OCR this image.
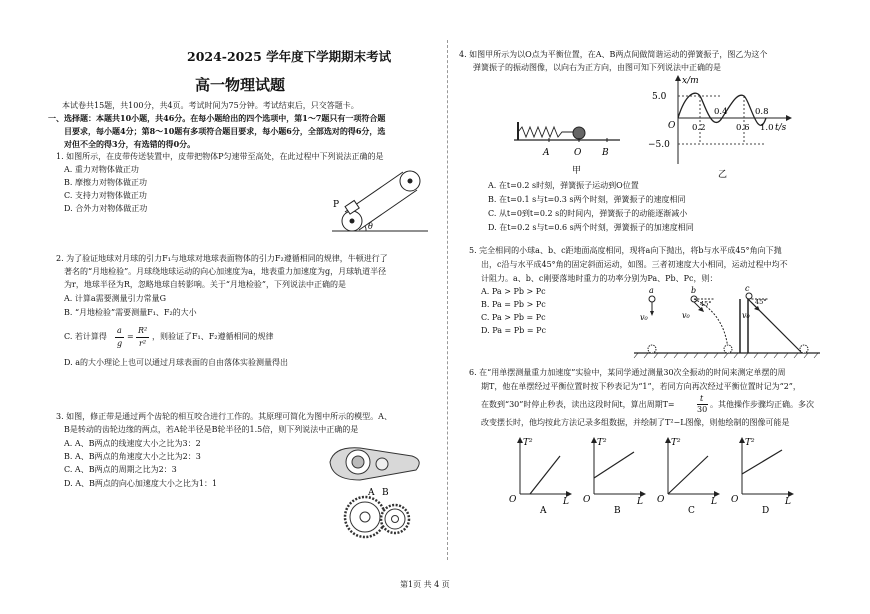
2024-2025 学年度下学期期末考试
高一物理试题
本试卷共15题，共100分，共4页。考试时间为75分钟。考试结束后，只交答题卡。
一、选择题：本题共10小题，共46分。在每小题给出的四个选项中，第1～7题只有一项符合题
目要求，每小题4分；第8～10题有多项符合题目要求，每小题6分，全部选对的得6分，选
对但不全的得3分，有选错的得0分。
1. 如图所示，在皮带传送装置中，皮带把物体P匀速带至高处，在此过程中下列说法正确的是
A. 重力对物体做正功
B. 摩擦力对物体做正功
C. 支持力对物体做正功
D. 合外力对物体做正功	P
θ
2. 为了验证地球对月球的引力F₁与地球对地球表面物体的引力F₂遵循相同的规律，牛顿进行了
著名的“月地检验”。月球绕地球运动的向心加速度为a，地表重力加速度为g，月球轨道半径
为r，地球半径为R，忽略地球自转影响。关于“月地检验”，下列说法中正确的是
A. 计算a需要测量引力常量G
B. “月地检验”需要测量F₁、F₂的大小
C. 若计算得
a
g
=
R²
r²
，则验证了F₁、F₂遵循相同的规律
D. a的大小理论上也可以通过月球表面的自由落体实验测量得出
3. 如图，修正带是通过两个齿轮的相互咬合进行工作的。其原理可简化为图中所示的模型。A、
B是转动的齿轮边缘的两点，若A轮半径是B轮半径的1.5倍，则下列说法中正确的是
A. A、B两点的线速度大小之比为3：2
B. A、B两点的角速度大小之比为2：3
C. A、B两点的周期之比为2：3
D. A、B两点的向心加速度大小之比为1：1
A B
4. 如图甲所示为以O点为平衡位置，在A、B两点间做简谐运动的弹簧振子，图乙为这个
弹簧振子的振动图像，以向右为正方向，由图可知下列说法中正确的是
A	O B
甲
x/m
t/s
5.0
−5.0
O 0.2
0.4
0.6
0.8
1.0
乙
A. 在t=0.2 s时刻，弹簧振子运动到O位置
B. 在t=0.1 s与t=0.3 s两个时刻，弹簧振子的速度相同
C. 从t=0到t=0.2 s的时间内，弹簧振子的动能逐渐减小
D. 在t=0.2 s与t=0.6 s两个时刻，弹簧振子的加速度相同
5. 完全相同的小球a、b、c距地面高度相同，现将a向下抛出，将b与水平成45°角向下抛
出，c沿与水平成45°角的固定斜面运动，如图。三者初速度大小相同，运动过程中均不
计阻力。a、b、c刚要落地时重力的功率分别为Pa、Pb、Pc，则：
A. Pa > Pb > Pc
B. Pa = Pb > Pc
C. Pa > Pb = Pc
D. Pa = Pb = Pc
a
v₀
b
45°
v₀
c
45°
v₀
6. 在“用单摆测量重力加速度”实验中，某同学通过测量30次全振动的时间来测定单摆的周
期T，他在单摆经过平衡位置时按下秒表记为“1”，若同方向再次经过平衡位置时记为“2”，
在数到“30”时停止秒表，读出这段时间t，算出周期T=
t
30
。其他操作步骤均正确。多次
改变摆长时，他均按此方法记录多组数据，并绘制了T²−L图像，则他绘制的图像可能是
T²
O	L
A
T²
O	L
B
T²
O	L
C
T²
O	L
D
第1页 共 4 页
